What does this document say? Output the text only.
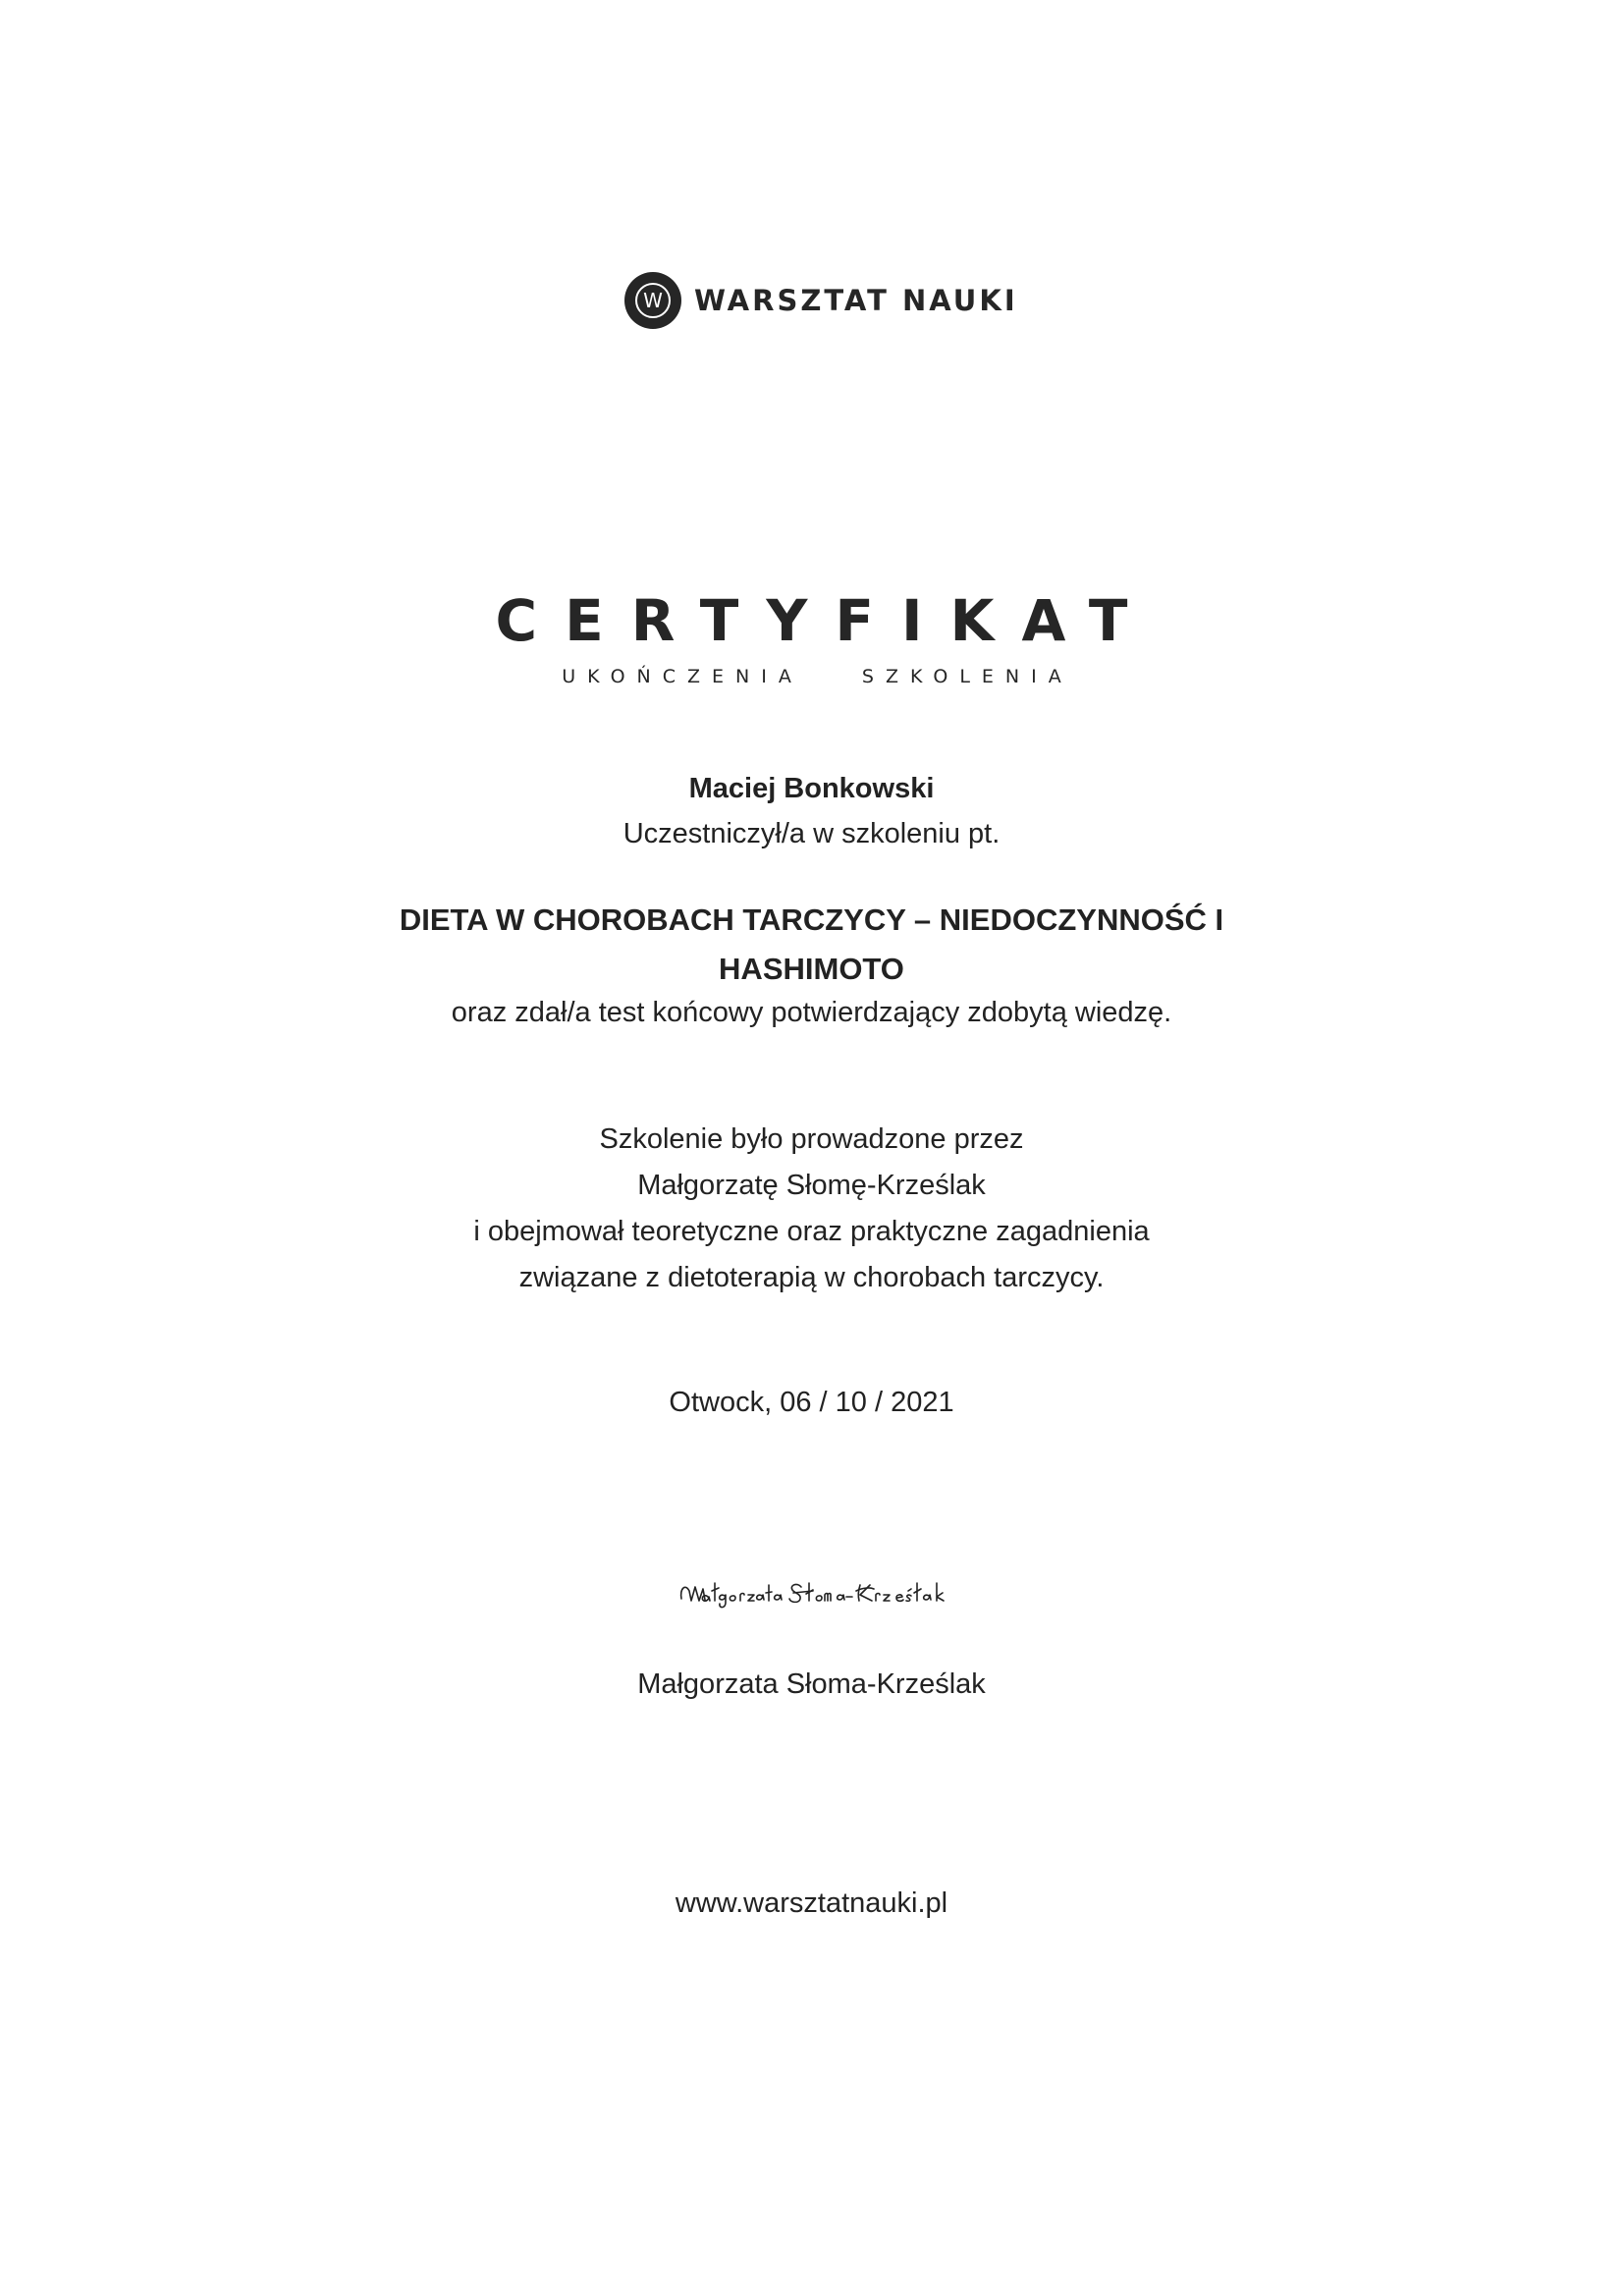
W WARSZTAT NAUKI
CERTYFIKAT
UKOŃCZENIA SZKOLENIA
Maciej Bonkowski
Uczestniczył/a w szkoleniu pt.
DIETA W CHOROBACH TARCZYCY – NIEDOCZYNNOŚĆ I
HASHIMOTO
oraz zdał/a test końcowy potwierdzający zdobytą wiedzę.
Szkolenie było prowadzone przez
Małgorzatę Słomę-Krześlak
i obejmował teoretyczne oraz praktyczne zagadnienia
związane z dietoterapią w chorobach tarczycy.
Otwock, 06 / 10 / 2021
Małgorzata Słoma-Krześlak
www.warsztatnauki.pl
